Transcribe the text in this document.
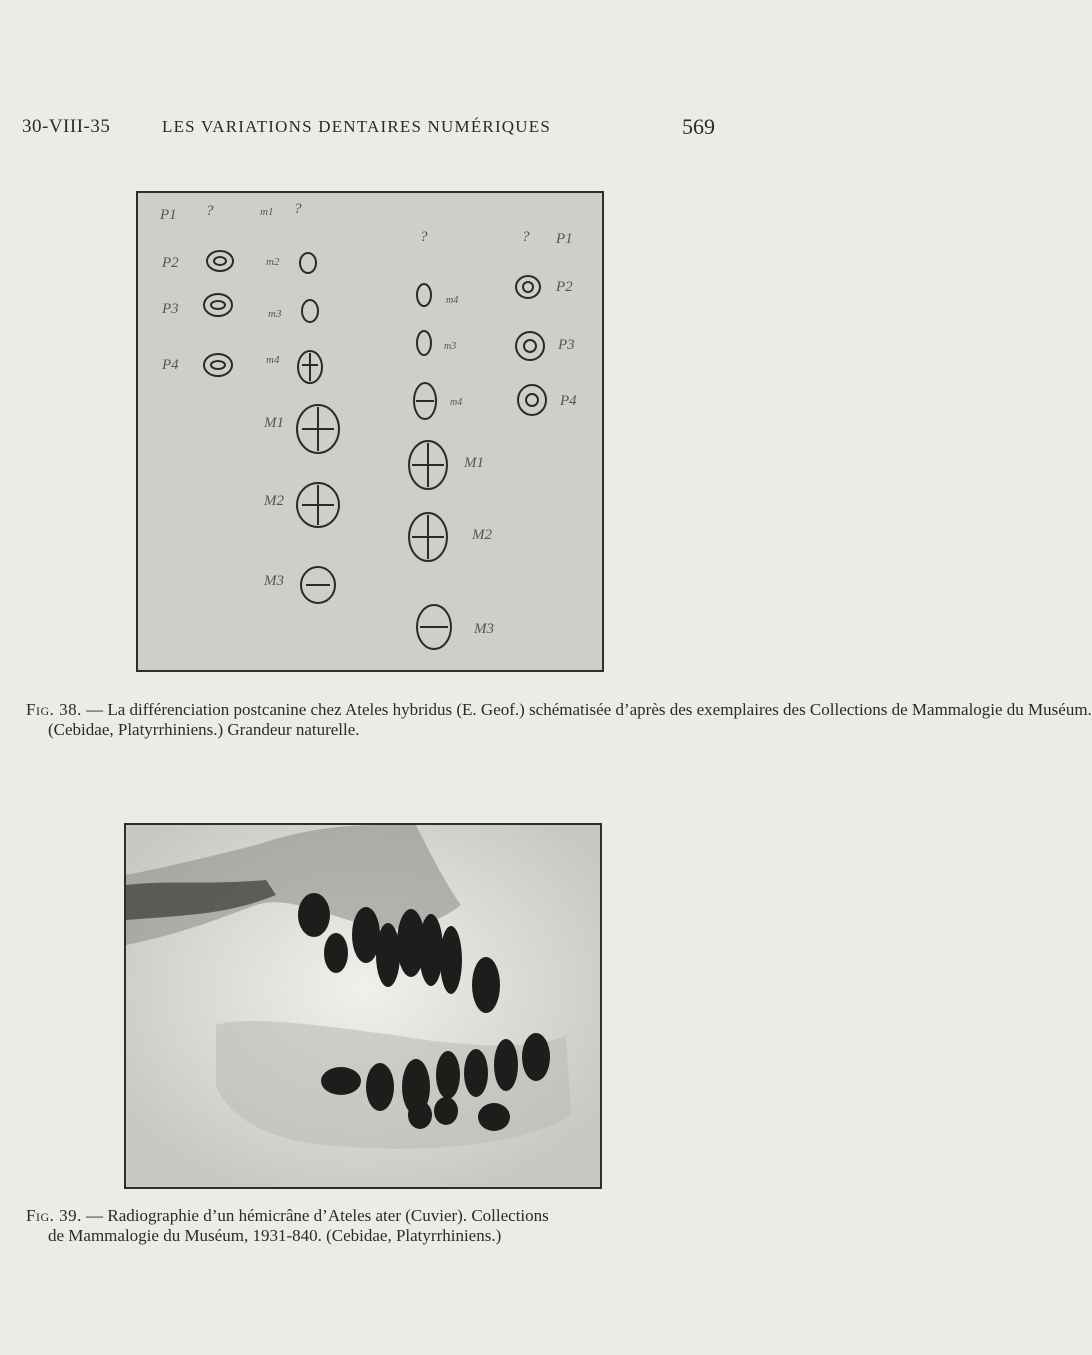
30-VIII-35	LES VARIATIONS DENTAIRES NUMÉRIQUES	569
P1 ?
P2
P3
P4
m1 ?
m2
m3
m4
M1
M2
M3
?	?
m4
m3
m4
P1
P2
P3
P4
M1
M2
M3
Fig. 38. — La différenciation postcanine chez Ateles hybridus (E. Geof.) schématisée d’après des exemplaires des Collections de Mammalogie du Muséum.
(Cebidae, Platyrrhiniens.) Grandeur naturelle.
Fig. 39. — Radiographie d’un hémicrâne d’Ateles ater (Cuvier). Collections
de Mammalogie du Muséum, 1931-840. (Cebidae, Platyrrhiniens.)
